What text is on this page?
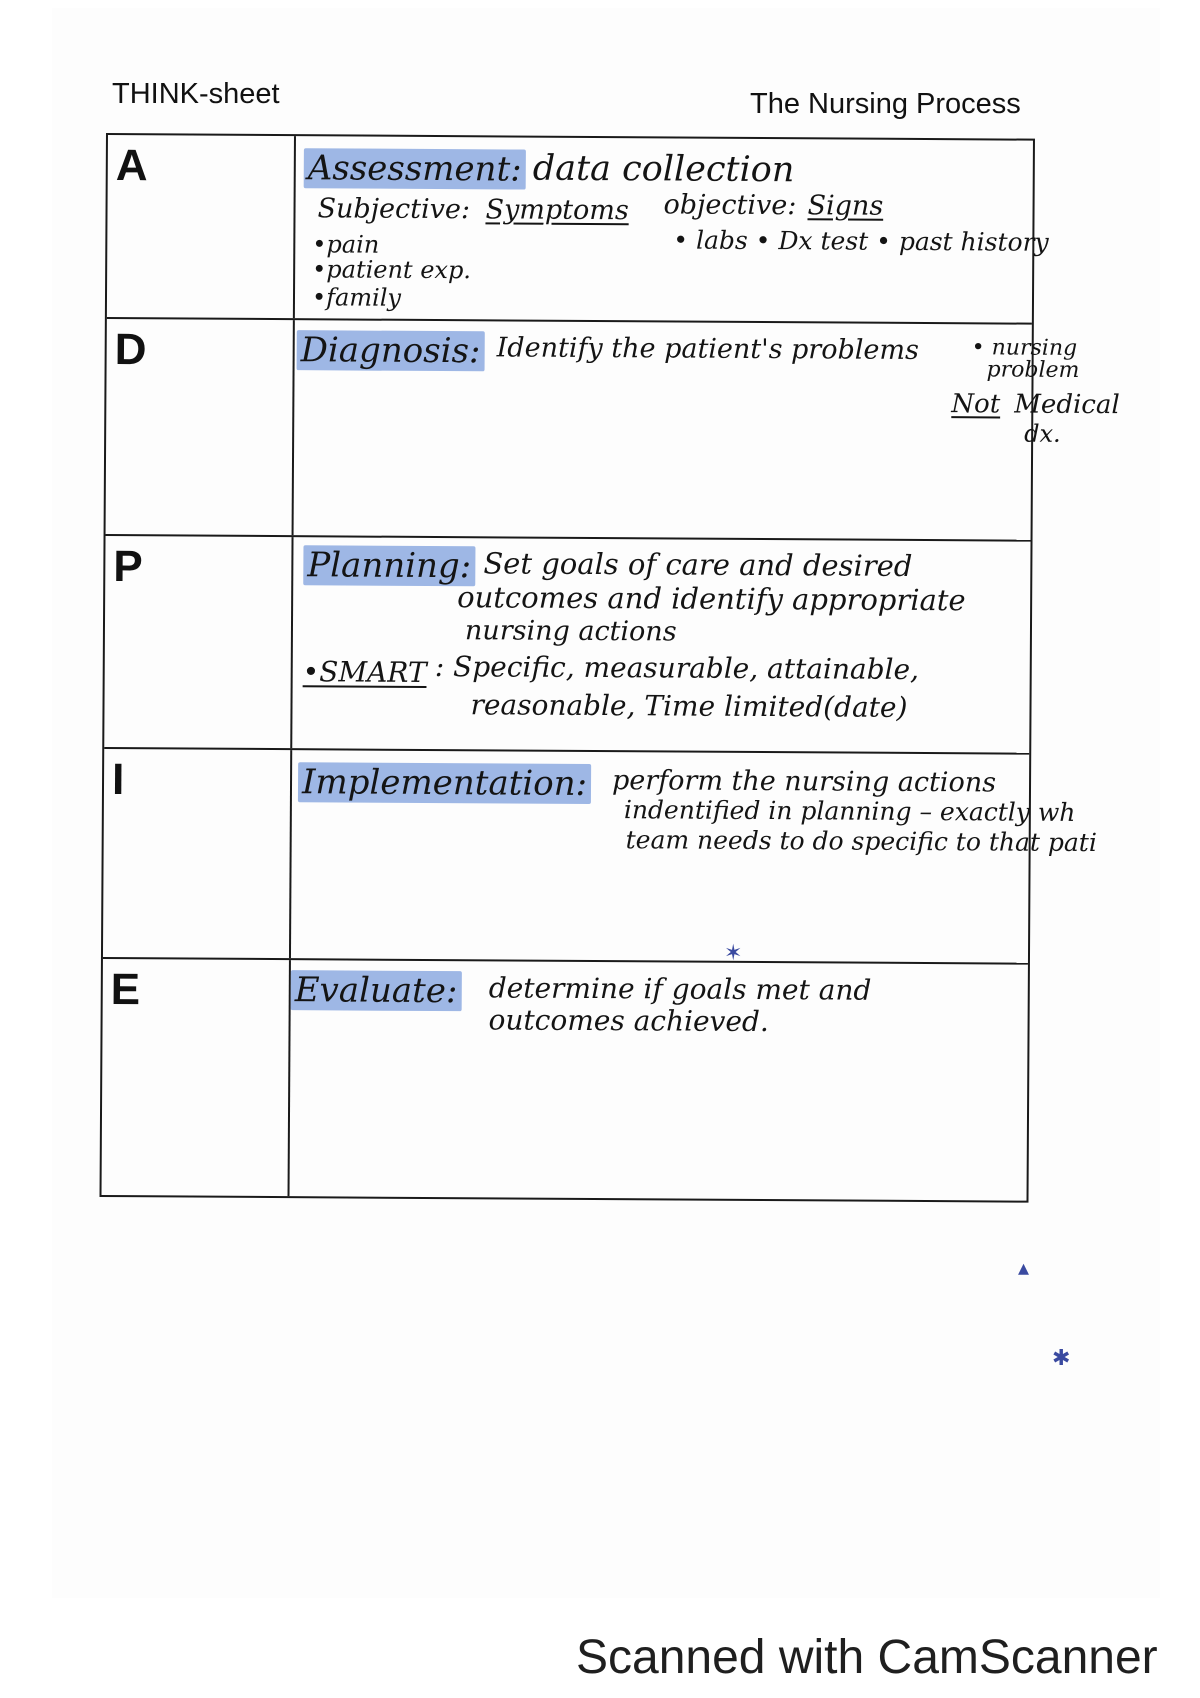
THINK-sheet	The Nursing Process
A	Assessment: data collection
Subjective: Symptoms objective: Signs
•pain
•patient exp.
•family
• labs • Dx test • past history
D	Diagnosis: Identify the patient's problems • nursing
problem
Not Medical
dx.
P	Planning: Set goals of care and desired
outcomes and identify appropriate
nursing actions
•SMART : Specific, measurable, attainable,
reasonable, Time limited(date)
I	Implementation: perform the nursing actions
indentified in planning – exactly wh
team needs to do specific to that pati
E	Evaluate: determine if goals met and
outcomes achieved.
✶
▴
✱
Scanned with CamScanner
